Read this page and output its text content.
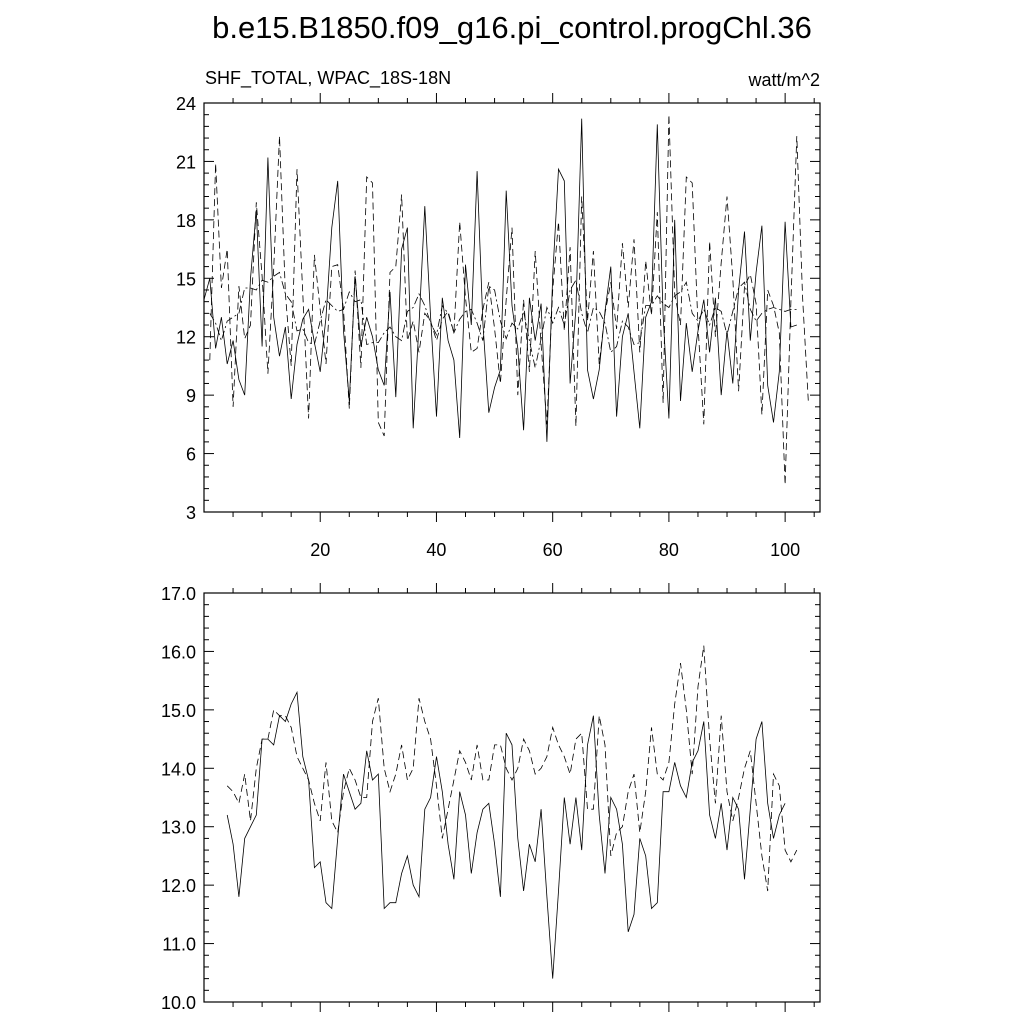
b.e15.B1850.f09_g16.pi_control.progChl.36
SHF_TOTAL, WPAC_18S-18N	watt/m^2
3
6
9
12
15
18
21
24
20	40	60	80	100
10.0
11.0
12.0
13.0
14.0
15.0
16.0
17.0
